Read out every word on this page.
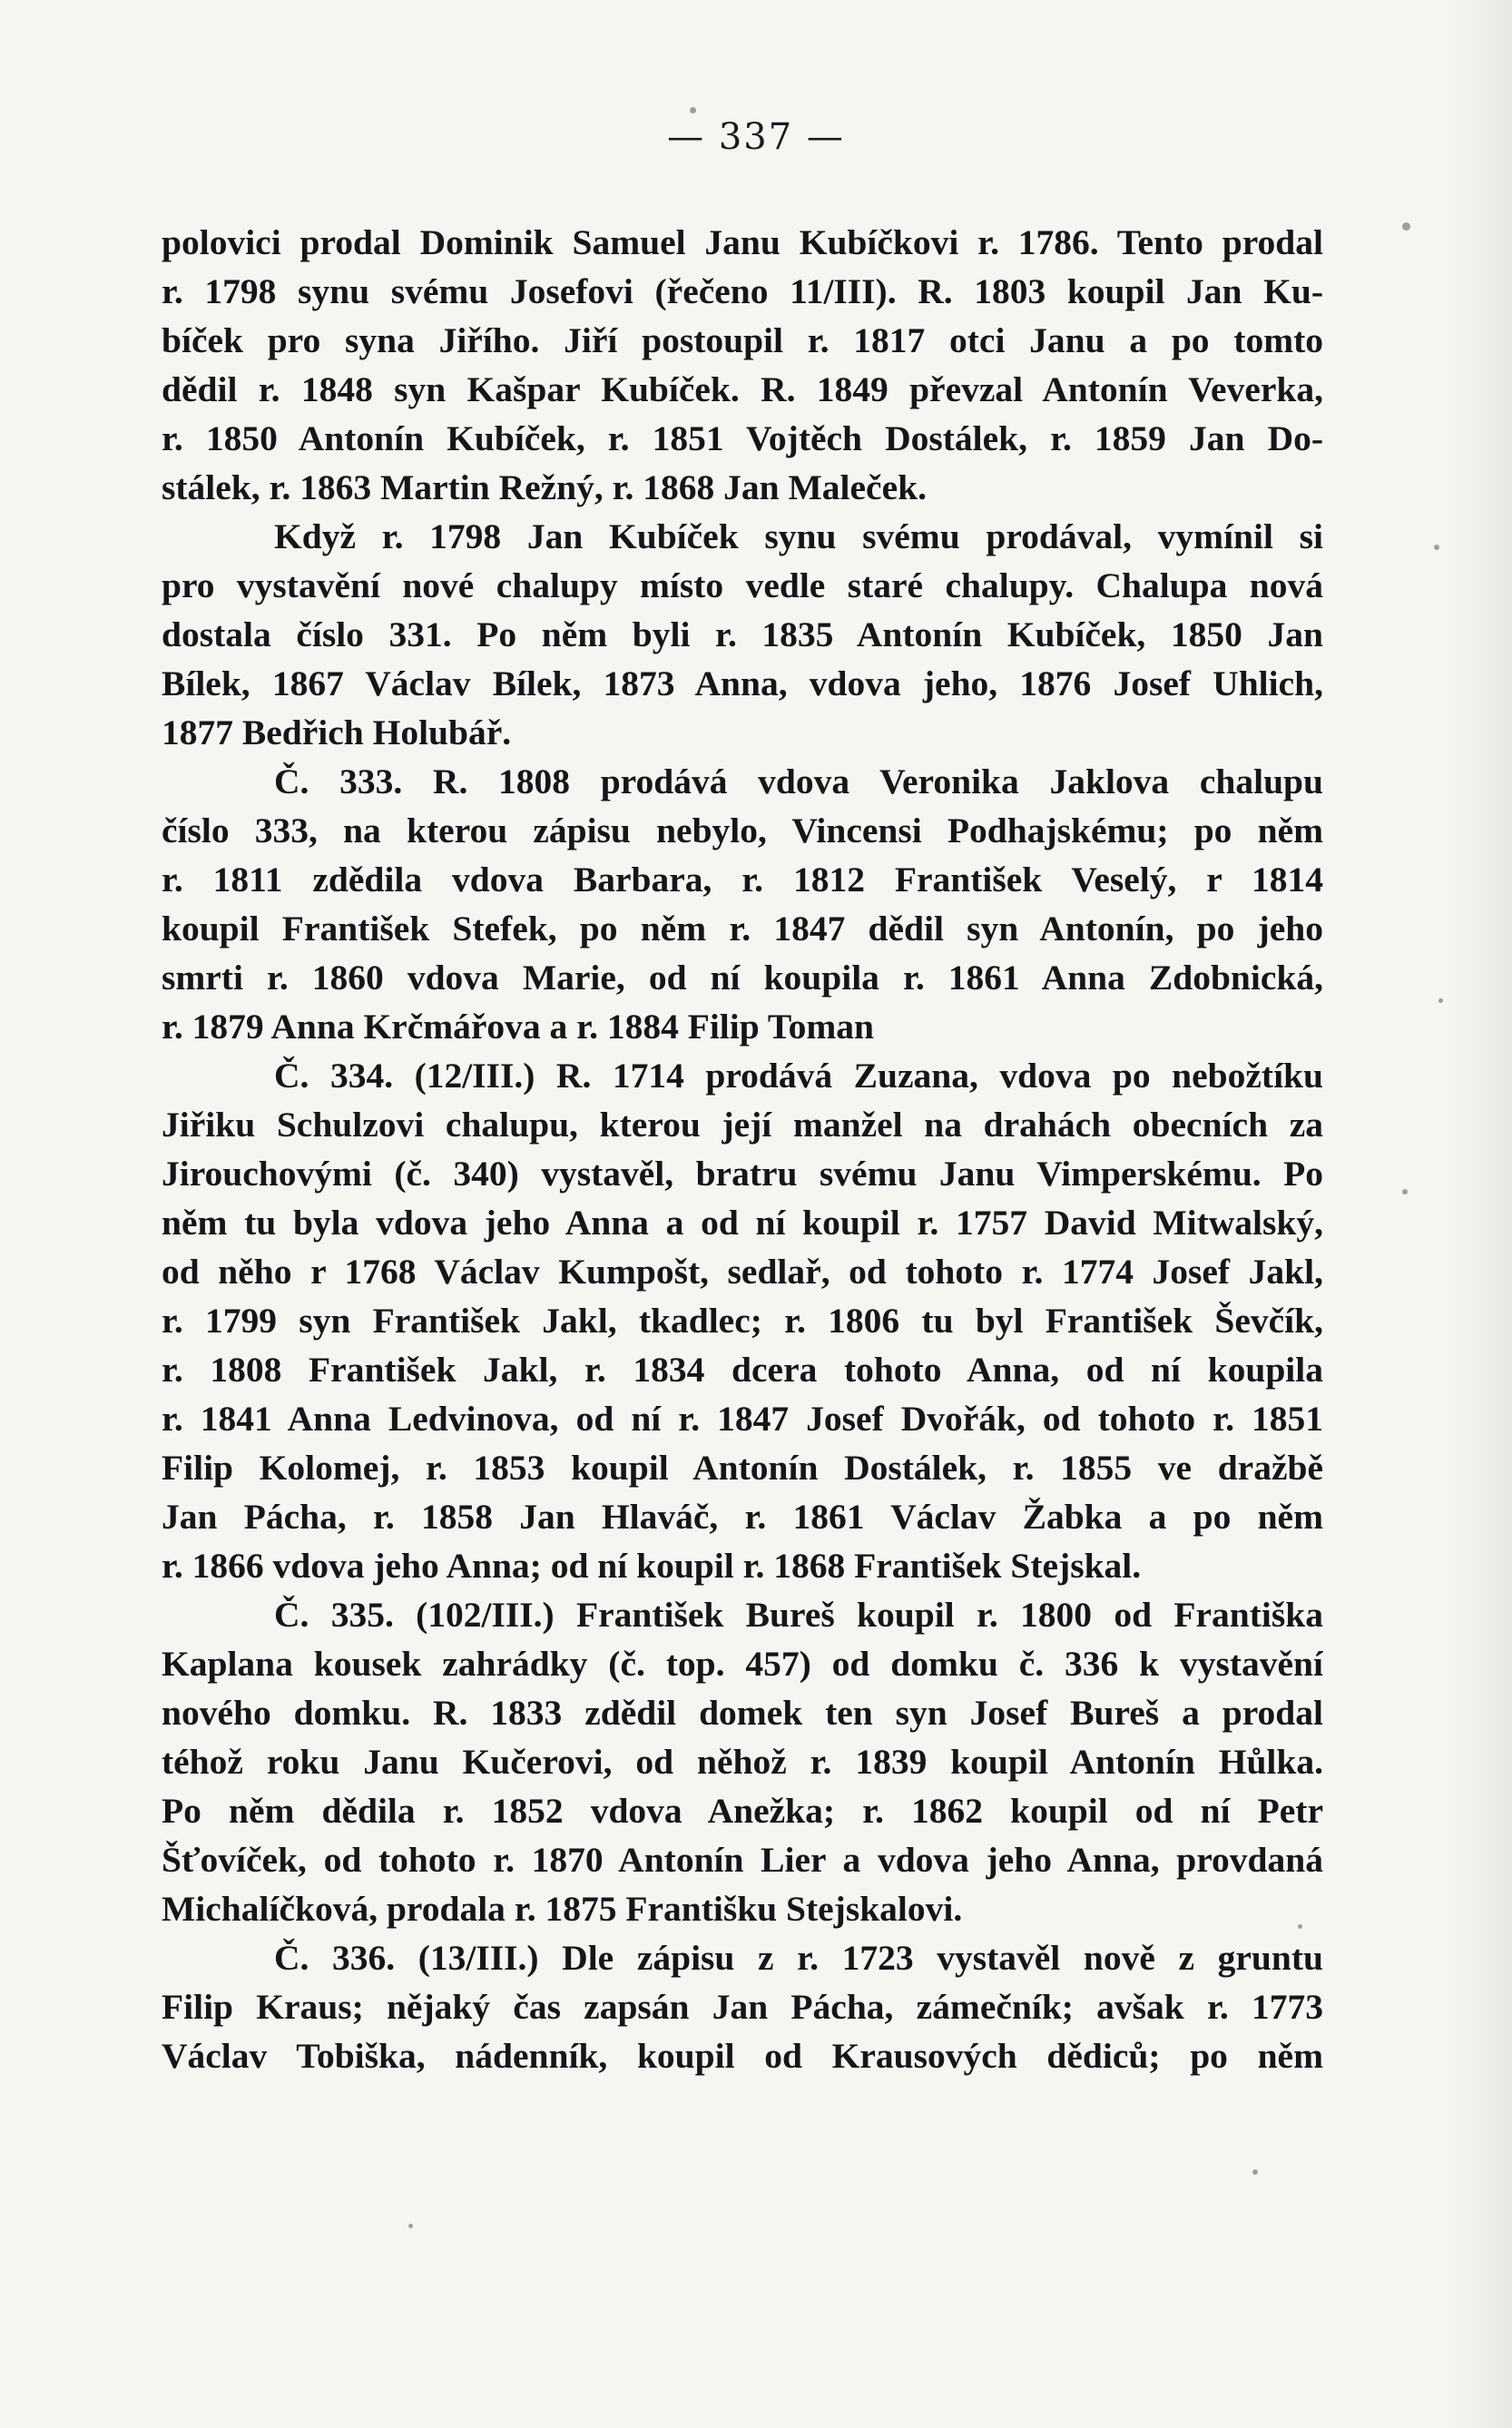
— 337 —
polovici prodal Dominik Samuel Janu Kubíčkovi r. 1786. Tento prodal
r. 1798 synu svému Josefovi (řečeno 11/III). R. 1803 koupil Jan Ku-
bíček pro syna Jiřího. Jiří postoupil r. 1817 otci Janu a po tomto
dědil r. 1848 syn Kašpar Kubíček. R. 1849 převzal Antonín Veverka,
r. 1850 Antonín Kubíček, r. 1851 Vojtěch Dostálek, r. 1859 Jan Do-
stálek, r. 1863 Martin Režný, r. 1868 Jan Maleček.
Když r. 1798 Jan Kubíček synu svému prodával, vymínil si
pro vystavění nové chalupy místo vedle staré chalupy. Chalupa nová
dostala číslo 331. Po něm byli r. 1835 Antonín Kubíček, 1850 Jan
Bílek, 1867 Václav Bílek, 1873 Anna, vdova jeho, 1876 Josef Uhlich,
1877 Bedřich Holubář.
Č. 333. R. 1808 prodává vdova Veronika Jaklova chalupu
číslo 333, na kterou zápisu nebylo, Vincensi Podhajskému; po něm
r. 1811 zdědila vdova Barbara, r. 1812 František Veselý, r 1814
koupil František Stefek, po něm r. 1847 dědil syn Antonín, po jeho
smrti r. 1860 vdova Marie, od ní koupila r. 1861 Anna Zdobnická,
r. 1879 Anna Krčmářova a r. 1884 Filip Toman
Č. 334. (12/III.) R. 1714 prodává Zuzana, vdova po nebožtíku
Jiřiku Schulzovi chalupu, kterou její manžel na drahách obecních za
Jirouchovými (č. 340) vystavěl, bratru svému Janu Vimperskému. Po
něm tu byla vdova jeho Anna a od ní koupil r. 1757 David Mitwalský,
od něho r 1768 Václav Kumpošt, sedlař, od tohoto r. 1774 Josef Jakl,
r. 1799 syn František Jakl, tkadlec; r. 1806 tu byl František Ševčík,
r. 1808 František Jakl, r. 1834 dcera tohoto Anna, od ní koupila
r. 1841 Anna Ledvinova, od ní r. 1847 Josef Dvořák, od tohoto r. 1851
Filip Kolomej, r. 1853 koupil Antonín Dostálek, r. 1855 ve dražbě
Jan Pácha, r. 1858 Jan Hlaváč, r. 1861 Václav Žabka a po něm
r. 1866 vdova jeho Anna; od ní koupil r. 1868 František Stejskal.
Č. 335. (102/III.) František Bureš koupil r. 1800 od Františka
Kaplana kousek zahrádky (č. top. 457) od domku č. 336 k vystavění
nového domku. R. 1833 zdědil domek ten syn Josef Bureš a prodal
téhož roku Janu Kučerovi, od něhož r. 1839 koupil Antonín Hůlka.
Po něm dědila r. 1852 vdova Anežka; r. 1862 koupil od ní Petr
Šťovíček, od tohoto r. 1870 Antonín Lier a vdova jeho Anna, provdaná
Michalíčková, prodala r. 1875 Františku Stejskalovi.
Č. 336. (13/III.) Dle zápisu z r. 1723 vystavěl nově z gruntu
Filip Kraus; nějaký čas zapsán Jan Pácha, zámečník; avšak r. 1773
Václav Tobiška, nádenník, koupil od Krausových dědiců; po něm
